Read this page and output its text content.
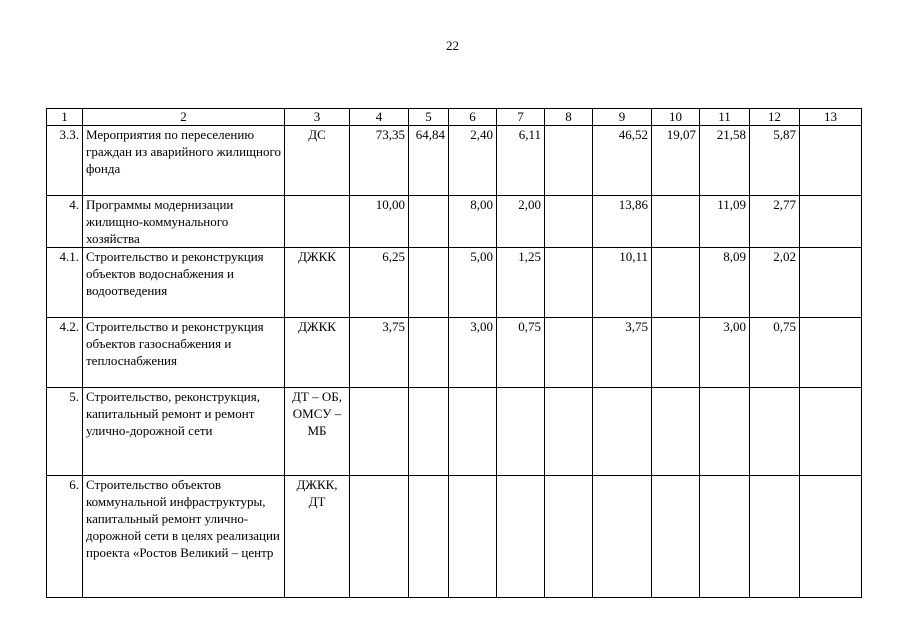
22
1	2	3	4	5	6	7	8	9	10	11	12	13
3.3.	Мероприятия по переселению граждан из аварийного жилищного фонда	ДС	73,35	64,84	2,40	6,11		46,52	19,07	21,58	5,87	
4.	Программы модернизации жилищно-коммунального хозяйства		10,00		8,00	2,00		13,86		11,09	2,77	
4.1.	Строительство и реконструкция объектов водоснабжения и водоотведения	ДЖКК	6,25		5,00	1,25		10,11		8,09	2,02	
4.2.	Строительство и реконструкция объектов газоснабжения и теплоснабжения	ДЖКК	3,75		3,00	0,75		3,75		3,00	0,75	
5.	Строительство, реконструкция, капитальный ремонт и ремонт улично-дорожной сети	ДТ – ОБ, ОМСУ – МБ										
6.	Строительство объектов коммунальной инфраструктуры, капитальный ремонт улично-дорожной сети в целях реализации проекта «Ростов Великий – центр	ДЖКК, ДТ										
